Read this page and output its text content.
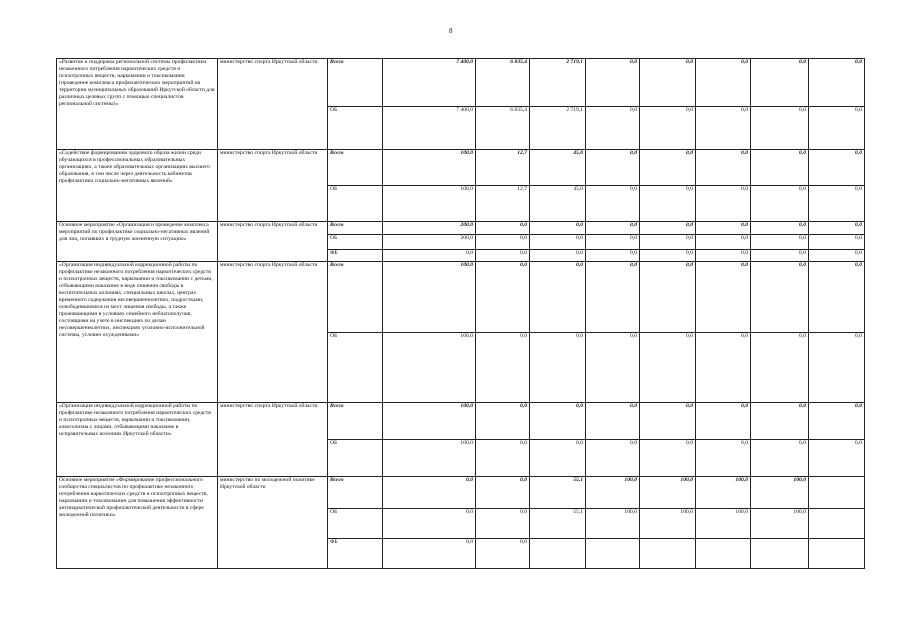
8
«Развитие и поддержка региональной системы профилактики незаконного потребления наркотических средств и психотропных веществ, наркомании и токсикомании (проведение комплекса профилактических мероприятий на территории муниципальных образований Иркутской области для различных целевых групп с помощью специалистов региональной системы)»	министерство спорта Иркутской области	Всего	7 400,0	6 835,4	2 719,1	0,0	0,0	0,0	0,0	0,0
		ОБ	7 400,0	6 835,4	2 719,1	0,0	0,0	0,0	0,0	0,0
«Содействие формированию здорового образа жизни среди обучающихся в профессиональных образовательных организациях, а также образовательных организациях высшего образования, в том числе через деятельность кабинетов профилактики социально-негативных явлений»	министерство спорта Иркутской области	Всего	100,0	12,7	45,0	0,0	0,0	0,0	0,0	0,0
		ОБ	100,0	12,7	45,0	0,0	0,0	0,0	0,0	0,0
Основное мероприятие «Организация и проведение комплекса мероприятий по профилактике социально-негативных явлений для лиц, попавших в трудную жизненную ситуацию»	министерство спорта Иркутской области	Всего	200,0	0,0	0,0	0,0	0,0	0,0	0,0	0,0
		ОБ	200,0	0,0	0,0	0,0	0,0	0,0	0,0	0,0
		ФБ	0,0	0,0	0,0	0,0	0,0	0,0	0,0	0,0
«Организация индивидуальной коррекционной работы по профилактике незаконного потребления наркотических средств и психотропных веществ, наркомании и токсикомании с детьми, отбывающими наказание в виде лишения свободы в воспитательных колониях, специальных школах, центрах временного содержания несовершеннолетних, подростками, освободившимися из мест лишения свободы, а также проживающими в условиях семейного неблагополучия, состоящими на учете в инспекциях по делам несовершеннолетних, инспекциях уголовно-исполнительной системы, условно осужденными»	министерство спорта Иркутской области	Всего	100,0	0,0	0,0	0,0	0,0	0,0	0,0	0,0
		ОБ	100,0	0,0	0,0	0,0	0,0	0,0	0,0	0,0
«Организация индивидуальной коррекционной работы по профилактике незаконного потребления наркотических средств и психотропных веществ, наркомании и токсикомании, алкоголизма с лицами, отбывающими наказание в исправительных колониях Иркутской области»	министерство спорта Иркутской области	Всего	100,0	0,0	0,0	0,0	0,0	0,0	0,0	0,0
		ОБ	100,0	0,0	0,0	0,0	0,0	0,0	0,0	0,0
Основное мероприятие «Формирование профессионального сообщества специалистов по профилактике незаконного потребления наркотических средств и психотропных веществ, наркомании и токсикомании для повышения эффективности антинаркотической профилактической деятельности в сфере молодежной политики»	министерство по молодежной политике Иркутской области	Всего	0,0	0,0	55,1	100,0	100,0	100,0	100,0	
		ОБ	0,0	0,0	55,1	100,0	100,0	100,0	100,0	
		ФБ	0,0	0,0						
